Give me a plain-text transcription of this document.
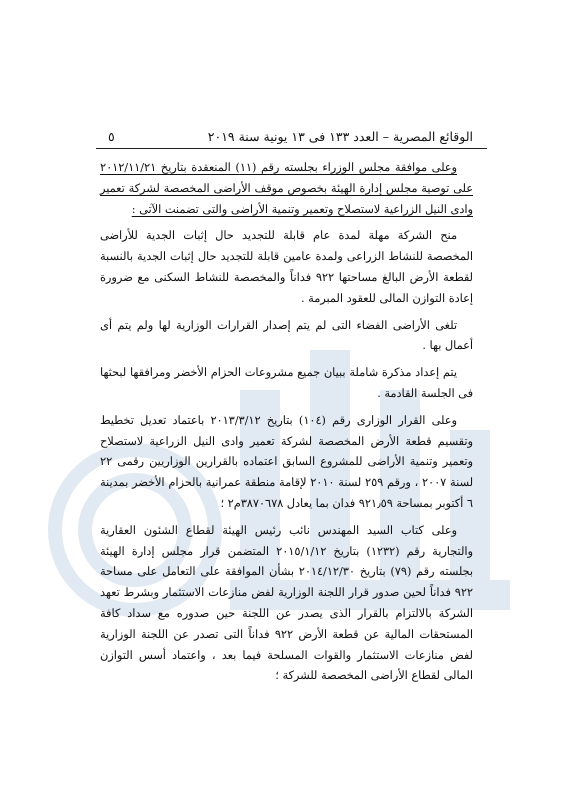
الوقائع المصرية – العدد ١٣٣ فى ١٣ يونية سنة ٢٠١٩
٥

وعلى موافقة مجلس الوزراء بجلسته رقم (١١) المنعقدة بتاريخ ٢٠١٢/١١/٢١ على توصية مجلس إدارة الهيئة بخصوص موقف الأراضى المخصصة لشركة تعمير وادى النيل الزراعية لاستصلاح وتعمير وتنمية الأراضى والتى تضمنت الآتى :

منح الشركة مهلة لمدة عام قابلة للتجديد حال إثبات الجدية للأراضى المخصصة للنشاط الزراعى ولمدة عامين قابلة للتجديد حال إثبات الجدية بالنسبة لقطعة الأرض البالغ مساحتها ٩٢٢ فداناً والمخصصة للنشاط السكنى مع ضرورة إعادة التوازن المالى للعقود المبرمة .

تلغى الأراضى الفضاء التى لم يتم إصدار القرارات الوزارية لها ولم يتم أى أعمال بها .

يتم إعداد مذكرة شاملة ببيان جميع مشروعات الحزام الأخضر ومرافقها لبحثها فى الجلسة القادمة .

وعلى القرار الوزارى رقم (١٠٤) بتاريخ ٢٠١٣/٣/١٢ باعتماد تعديل تخطيط وتقسيم قطعة الأرض المخصصة لشركة تعمير وادى النيل الزراعية لاستصلاح وتعمير وتنمية الأراضى للمشروع السابق اعتماده بالقرارين الوزاريين رقمى ٢٢ لسنة ٢٠٠٧ ، ورقم ٢٥٩ لسنة ٢٠١٠ لإقامة منطقة عمرانية بالحزام الأخضر بمدينة ٦ أكتوبر بمساحة ٩٢١٫٥٩ فدان بما يعادل ٣٨٧٠٦٧٨م٢ ؛

وعلى كتاب السيد المهندس نائب رئيس الهيئة لقطاع الشئون العقارية والتجارية رقم (١٢٣٢) بتاريخ ٢٠١٥/١/١٢ المتضمن قرار مجلس إدارة الهيئة بجلسته رقم (٧٩) بتاريخ ٢٠١٤/١٢/٣٠ بشأن الموافقة على التعامل على مساحة ٩٢٢ فداناً لحين صدور قرار اللجنة الوزارية لفض منازعات الاستثمار وبشرط تعهد الشركة بالالتزام بالقرار الذى يصدر عن اللجنة حين صدوره مع سداد كافة المستحقات المالية عن قطعة الأرض ٩٢٢ فداناً التى تصدر عن اللجنة الوزارية لفض منازعات الاستثمار والقوات المسلحة فيما بعد ، واعتماد أسس التوازن المالى لقطاع الأراضى المخصصة للشركة ؛
